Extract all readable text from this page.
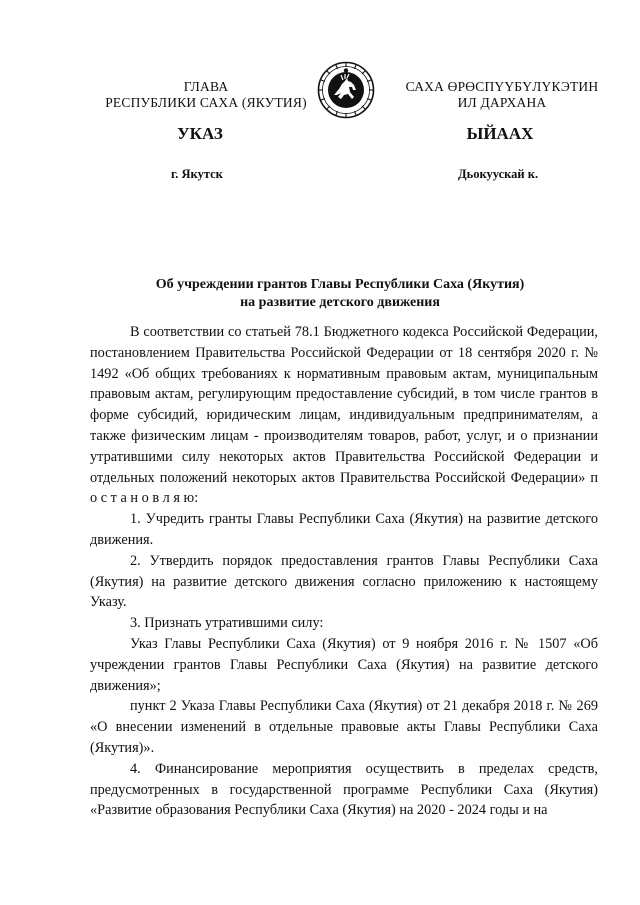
ГЛАВА
РЕСПУБЛИКИ САХА (ЯКУТИЯ)
САХА ӨРӨСПҮҮБҮЛҮКЭТИН
ИЛ ДАРХАНА
УКАЗ	ЫЙААХ
г. Якутск	Дьокуускай к.
Об учреждении грантов Главы Республики Саха (Якутия)
на развитие детского движения

В соответствии со статьей 78.1 Бюджетного кодекса Российской Федерации, постановлением Правительства Российской Федерации от 18 сентября 2020 г. № 1492 «Об общих требованиях к нормативным правовым актам, муниципальным правовым актам, регулирующим предоставление субсидий, в том числе грантов в форме субсидий, юридическим лицам, индивидуальным предпринимателям, а также физическим лицам - производителям товаров, работ, услуг, и о признании утратившими силу некоторых актов Правительства Российской Федерации и отдельных положений некоторых актов Правительства Российской Федерации» п о с т а н о в л я ю:

1. Учредить гранты Главы Республики Саха (Якутия) на развитие детского движения.

2. Утвердить порядок предоставления грантов Главы Республики Саха (Якутия) на развитие детского движения согласно приложению к настоящему Указу.

3. Признать утратившими силу:

Указ Главы Республики Саха (Якутия) от 9 ноября 2016 г. № 1507 «Об учреждении грантов Главы Республики Саха (Якутия) на развитие детского движения»;

пункт 2 Указа Главы Республики Саха (Якутия) от 21 декабря 2018 г. № 269 «О внесении изменений в отдельные правовые акты Главы Республики Саха (Якутия)».

4. Финансирование мероприятия осуществить в пределах средств, предусмотренных в государственной программе Республики Саха (Якутия) «Развитие образования Республики Саха (Якутия) на 2020 - 2024 годы и на
